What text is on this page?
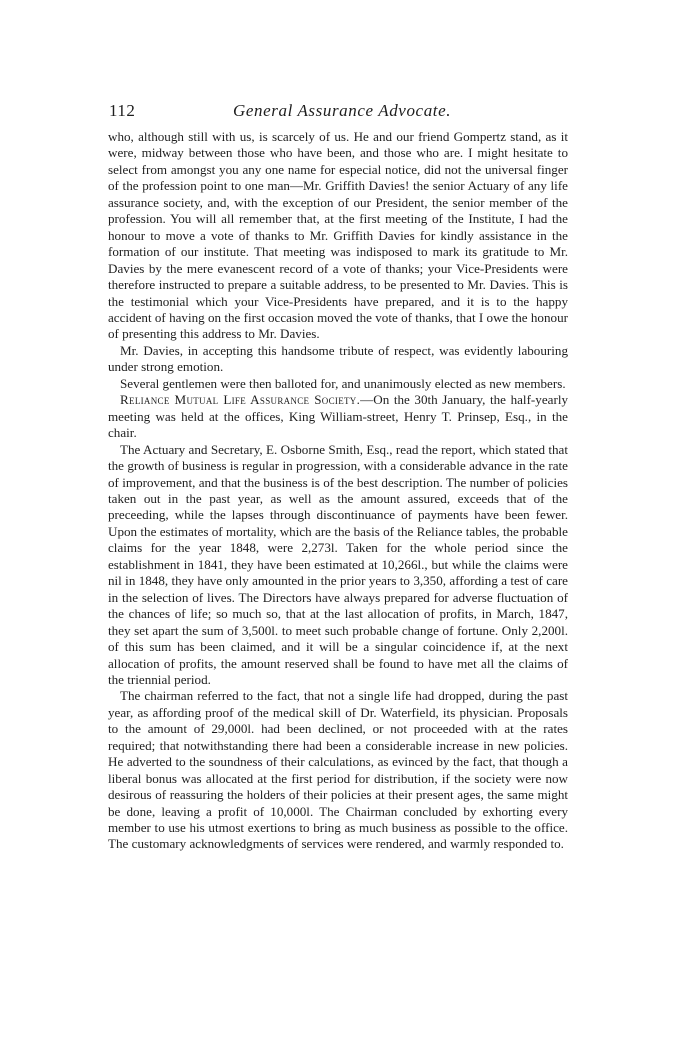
112	General Assurance Advocate.

who, although still with us, is scarcely of us. He and our friend Gompertz stand, as it were, midway between those who have been, and those who are. I might hesitate to select from amongst you any one name for especial notice, did not the universal finger of the profession point to one man—Mr. Griffith Davies! the senior Actuary of any life assurance society, and, with the exception of our President, the senior member of the profession. You will all remember that, at the first meeting of the Institute, I had the honour to move a vote of thanks to Mr. Griffith Davies for kindly assistance in the formation of our institute. That meeting was indisposed to mark its gratitude to Mr. Davies by the mere evanescent record of a vote of thanks; your Vice-Presidents were therefore instructed to prepare a suitable address, to be presented to Mr. Davies. This is the testimonial which your Vice-Presidents have prepared, and it is to the happy accident of having on the first occasion moved the vote of thanks, that I owe the honour of presenting this address to Mr. Davies.

Mr. Davies, in accepting this handsome tribute of respect, was evidently labouring under strong emotion.

Several gentlemen were then balloted for, and unanimously elected as new members.

Reliance Mutual Life Assurance Society.—On the 30th January, the half-yearly meeting was held at the offices, King William-street, Henry T. Prinsep, Esq., in the chair.

The Actuary and Secretary, E. Osborne Smith, Esq., read the report, which stated that the growth of business is regular in progression, with a considerable advance in the rate of improvement, and that the business is of the best description. The number of policies taken out in the past year, as well as the amount assured, exceeds that of the preceeding, while the lapses through discontinuance of payments have been fewer. Upon the estimates of mortality, which are the basis of the Reliance tables, the probable claims for the year 1848, were 2,273l. Taken for the whole period since the establishment in 1841, they have been estimated at 10,266l., but while the claims were nil in 1848, they have only amounted in the prior years to 3,350, affording a test of care in the selection of lives. The Directors have always prepared for adverse fluctuation of the chances of life; so much so, that at the last allocation of profits, in March, 1847, they set apart the sum of 3,500l. to meet such probable change of fortune. Only 2,200l. of this sum has been claimed, and it will be a singular coincidence if, at the next allocation of profits, the amount reserved shall be found to have met all the claims of the triennial period.

The chairman referred to the fact, that not a single life had dropped, during the past year, as affording proof of the medical skill of Dr. Waterfield, its physician. Proposals to the amount of 29,000l. had been declined, or not proceeded with at the rates required; that notwithstanding there had been a considerable increase in new policies. He adverted to the soundness of their calculations, as evinced by the fact, that though a liberal bonus was allocated at the first period for distribution, if the society were now desirous of reassuring the holders of their policies at their present ages, the same might be done, leaving a profit of 10,000l. The Chairman concluded by exhorting every member to use his utmost exertions to bring as much business as possible to the office. The customary acknowledgments of services were rendered, and warmly responded to.
